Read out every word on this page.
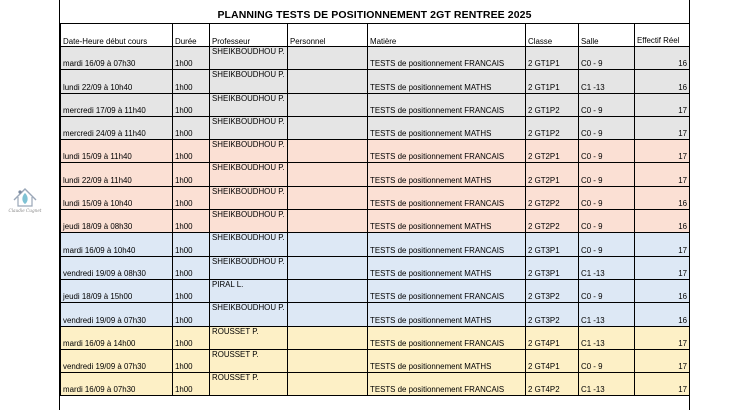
Claudie Cugnet
PLANNING TESTS DE POSITIONNEMENT 2GT RENTREE 2025
Date-Heure début cours	Durée	Professeur	Personnel	Matière	Classe	Salle	Effectif Réel
mardi 16/09 à 07h30	1h00	SHEIKBOUDHOU P.		TESTS de positionnement FRANCAIS	2 GT1P1	C0 - 9	16
lundi 22/09 à 10h40	1h00	SHEIKBOUDHOU P.		TESTS de positionnement MATHS	2 GT1P1	C1 -13	16
mercredi 17/09 à 11h40	1h00	SHEIKBOUDHOU P.		TESTS de positionnement FRANCAIS	2 GT1P2	C0 - 9	17
mercredi 24/09 à 11h40	1h00	SHEIKBOUDHOU P.		TESTS de positionnement MATHS	2 GT1P2	C0 - 9	17
lundi 15/09 à 11h40	1h00	SHEIKBOUDHOU P.		TESTS de positionnement FRANCAIS	2 GT2P1	C0 - 9	17
lundi 22/09 à 11h40	1h00	SHEIKBOUDHOU P.		TESTS de positionnement MATHS	2 GT2P1	C0 - 9	17
lundi 15/09 à 10h40	1h00	SHEIKBOUDHOU P.		TESTS de positionnement FRANCAIS	2 GT2P2	C0 - 9	16
jeudi 18/09 à 08h30	1h00	SHEIKBOUDHOU P.		TESTS de positionnement MATHS	2 GT2P2	C0 - 9	16
mardi 16/09 à 10h40	1h00	SHEIKBOUDHOU P.		TESTS de positionnement FRANCAIS	2 GT3P1	C0 - 9	17
vendredi 19/09 à 08h30	1h00	SHEIKBOUDHOU P.		TESTS de positionnement MATHS	2 GT3P1	C1 -13	17
jeudi 18/09 à 15h00	1h00	PIRAL L.		TESTS de positionnement FRANCAIS	2 GT3P2	C0 - 9	16
vendredi 19/09 à 07h30	1h00	SHEIKBOUDHOU P.		TESTS de positionnement MATHS	2 GT3P2	C1 -13	16
mardi 16/09 à 14h00	1h00	ROUSSET P.		TESTS de positionnement FRANCAIS	2 GT4P1	C1 -13	17
vendredi 19/09 à 07h30	1h00	ROUSSET P.		TESTS de positionnement MATHS	2 GT4P1	C0 - 9	17
mardi 16/09 à 07h30	1h00	ROUSSET P.		TESTS de positionnement FRANCAIS	2 GT4P2	C1 -13	17
